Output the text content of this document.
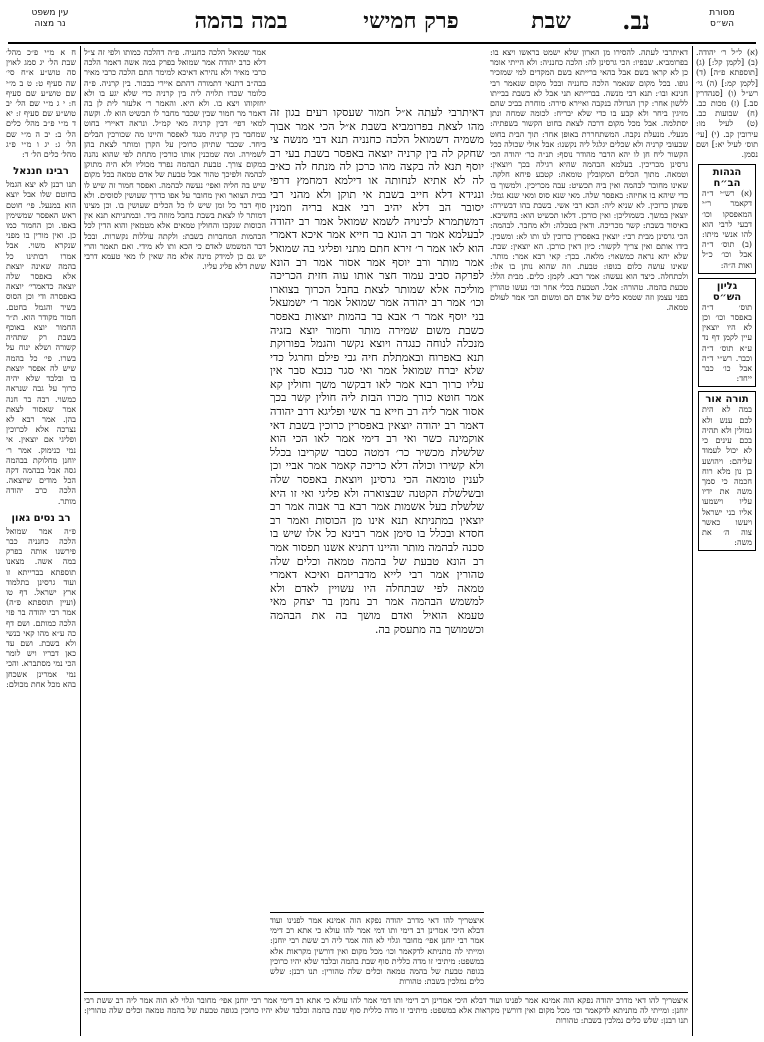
מסורת
הש״ס
במה בהמה	פרק חמישי	שבת	נב.
עין משפט
נר מצוה

(א) ל״ל ר׳ יהודה. (ב) [לקמן קל:] (ג) [תוספתא פ״ה] (ד) [לקמן קמ:] (ה) גי׳ רש״ל (ו) [סנהדרין סב.] (ז) מכות כב. (ח) שבועות כב. (ט) לעיל מו: עירובין קב. (י) [עי׳ תוס׳ לעיל יא:] ושם נסמן.

הגהות הב״ח

(א) רש״י ד״ה דקאמר ר״י המאפסקו וכו׳ דבעי לרבי הוא להו אנשי מיתו: (ב) תוס׳ ד״ה אבל וכו׳ כ״ל ואות ה״ה:

גליון הש״ס

תוס׳ ד״ה באפסר וכו׳ וכן לא היו יוצאין עיין לקמן דף נד ע״א תוס׳ ד״ה וכבר. רש״י ד״ה אבל כו׳ כבר ייחד:

תורה אור

במה לא הית לכם ענש ולא גמולין ולא תהיה בכם עינים כי לא יכול לעמוד עליהם: ויהושע בן נון מלא רוח חכמה כי סמך משה את ידיו עליו וישמעו אליו בני ישראל ויעשו כאשר צוה ה׳ את משה:

דאיתרבי לעתה. להסירו מן הארון שלא ישמט בראשו ויצא בו: בפרומביא. שבפיו: הכי גרסינן לה: הלכה כחנניה: ולא הייתי אומר כן לא קראו בשם אבל בהאי ברייתא בשם המקדים למי שמזכיר גופו. בכל מקום שנאמר הלכה כחנניה ובכל מקום שנאמר רבי חנינא ובו׳: תנא דבי מנשה. בברייתא תני אבל לא בשבת בבייתו ללשון אחר: קרן הגדולה בנקבה ואיירא סירה: מוחרת בביכ שהם מזיגין ביחר ולא קבע בו כדי שלא יבריח: לכומה שמחה ונתן יסתלמה. אבל מכל מקום דרכה לצאת בחוט הקשור בשפתיה: מנעלי. מנעלת נקבה. המשתחררת באופן אחד: תוך הבית בחוט שבעובי קרניה ולא שכלים יגלגל ליה נקשנו: אבל אולי שכולה ככל הקשור ליח חן לו יהא הדבר מהודר נוסף: תנ״ה כר׳ יהודה הכי גרסינן מכריכין. בעלמא הבהמה שהיא רגילה בכך ויוצאין: וטמאה. מתוך הכלים המקובלין טומאה: קטבע פיחא חלקה. שאינו מחובר לבהמה ואין ביה תכשיט: עבה מכריכין. ולמשוך בו כדי שיהא בו אחיזה: באפסר שלה. מאי שנא סוס ומאי שנא גמל: פשתן כרוכין. לא שניא ליה: הכא רבי אשי. בשבת בהו דבשירה: יוצאין במשך. כשמוליכן: ואין כורכן. דלאו תכשיט הוא: בחשיבא. באיסור בשבת: קשר מכריכה. ודאין בטבלה: ולא מחבר. לבהמה: הכי גרסינן מבית רבי: יוצאין באפסרין כרוכין לנו ותו לא: ומשכין. בידו אותם ואין צריך לקשור: כיון דאין כורכן. הא יוצאין: שבת. שלא יהא נראה כמשאוי: מלאה. בכך: קאי רבא אמר: מותר. שאינו עושה כלום בגופו: טבעת. וזה שהוא נותן בו אלו: ולכתחלה. כיצד הוא נעשה: אמר רבא. לקמן: כלים. מבית הלל: טבעת בהמה. טהורה: אבל. הטבעת בכלי אחר וכו׳ נעשו טהורין בפני עצמן וזה שטמא כלים של אדם הם ומשום הכי אמר לעולם טמאה.

דאיתרבי לעתה א״ל חמור שעסקו רעים בגון זה מהו לצאת בפרומביא בשבת א״ל הכי אמר אבוך משמיה דשמואל הלכה כחנניה תנא דבי מנשה צי שחקק לה בין קרניה יוצאה באפסר בשבת בעי רב יוסף תנא לה בקצה מהו כרכן לה מנתח לה כאיב לה לא אתיא לנחותה או דילמא דמחמץ דרפי ונגידא דלא חייב בשבת אי תוקן ולא מהני רבי יסובר הב דלא יהיב רבי אבא בריה וזמנין דמשתמרא לכינויה לשמא שמואל אמר רב יהודה לבעלמא אמר רב הונא בר חייא אמר איכא דאמרי הוא לאו אמר ר׳ זירא חתם מתני ופליגי בה שמואל אמר מותר ורב יוסף אמר אסור אמר רב הונא לפרקה סביב עמוד חצר אותו עוה חזית הכריכה מוליכה אלא שמותר לצאת בחבל הכרוך בצוארו וכו׳ אמר רב יהודה אמר שמואל אמר ר׳ ישמעאל בני יוסף אמר ר׳ אבא בר בהמות יוצאות באפסר כשבת משום שמירה מותר וחמור יוצא בזגיה מנכלה לנוחה כנגדה ויוצא נקשר והגמל בפורוקת תנא באפרוח ובאמתלת חיה גבי פילם וחרגל כדי שלא יברח שמואל אמר ואי סגר כנכא סבר אין עליו כרוך רבא אמר לאו דבקשר משך וחולין קא אמר חוטא כורך מכרו הבזת ליה חולין קשר בכך אסור אמר ליה רב חייא בר אשי ופליגא דרב יהודה דאמר רב יהודה יוצאין באפסרין כרוכין בשבת דאי אוקמינה כשר ואי רב דימי אמר לאו הכי הוא שלשלת מכשיר כר׳ דמטה כסבר שקריבו בכלל ולא קשירו וכולה דלא כריכה קאמר אמר אביי וכן לענין טומאה הכי גרסינן ויוצאת באפסר שלה ובשלשלת הקטנה שבצוארה ולא פליגי ואי זו היא שלשלת בעל אשמות אמר רבא בר אבוה אמר רב יוצאין במתניתא תנא אינו מן הכוסות ואמר רב חסדא ובכלל בו סימן אמר רבינא כל אלו שיש בו סכנה לבהמה מותר והיינו דתניא אשנו תפסור אמר רב הונא טבעת של בהמה טמאה וכלים שלה טהורין אמר רבי לייא מדבריהם ואיכא דאמרי טמאה לפי שבתחלה היו עשויין לאדם ולא למשמש הבהמה אמר רב נחמן בר יצחק מאי טעמא הואיל ואדם מושך בה את הבהמה וכשמושך בה מתעסק בה.

איצטריך להו דאי מדרב יהודה נפקא הוה אמינא אמר לפנינו ועוד דבלא היכי אמרינן רב דימי ותו דמי אמר להו עולא כי אתא רב דימי אמר רבי יוחנן אפי׳ מחובר וגלוי לא הוה אמר ליה רב ששת רבי יוחנן: ומייתי לה מתניתא לדקאמר וכו׳ מכל מקום ואין דורשין מקראות אלא במשפט: מיתיבי זו מדה כללית סוף שבת בהמה ובלבד שלא יהיו כרוכין בגופה טבעת של בהמה טמאה וכלים שלה טהורין: תנו רבנן: שלש כלים נמלכין בשבת: טהורות

אמר שמואל הלכה כחנניה. פ״ה דהלכה כמותו ולפי זה צ״ל דלא כרב יהודה אמר שמואל בפרק במה אשה דאמר הלכה כרבי מאיר ולא נהירא דאיכא למימר התם הלכה כרבי מאיר בבה״ב דתנאי דתמורה דהתם איירי בבכור. בין קרניה. פ״ה כלומר שכרו תלויה ליה בין קרניה כדי שלא יגע בו ולא יחזקוהו ויצא בו. ולא היא. והאמר ר׳ אלעזר לית לן בה דאמר מר חמור שבין שכבר מחבר לו תכשיט הוא לו. וקשה למאי דפי׳ דבין קרניה מאי קמ״ל. ונראה דאיירי בחוט שמחבר בין קרניה מנגד לאפסר והיינו מה שכורכין הבלים ביחד. שכבר שתיהן כרוכין על הקרן ומותר לצאת בהן לשמירה. ומה שמכנין אותו כורכין מתחת לפי שהוא נהנה במקום צורך. טבעת הבהמה נפרד מכוליו ולא היה מתוקן לבהמה ולפיכך טהור אבל טבעת של אדם טמאה בכל מקום שיש בה חליה ואפי׳ נעשה לבהמה. ואפסר חמור זה שיש לו בבית הצואר ואין מחובר על אפו כדרך שעושין לסוסים. ולא סוף דבר כל זמן שיש לו כל הכלים שעושין בו. וכן מצינו דמותר לו לצאת בשבת בחבל מזוזה ביד. ובמתניתא תנא אין הכוסות שנקבו והחולין טמאים אלא מטמאין והוא הדין לכל הבהמות המחברות בשבת: ולקתה עוללות נקשרות. ובכל דבר המשמש לאדם כי הכא ותו לא מידי. ואם תאמר והרי יש גם כן למידק מינה אלא מה שאין לו מאי טעמא דרבי ששת דלא פליג עליו.

איצטריך להו דאי מדרב יהודה נפקא הוה אמינא אמר לפנינו ועוד דבלא היכי אמרינן רב דימי ותו דמי אמר להו עולא כי אתא רב דימי אמר רבי יוחנן אפי׳ מחובר וגלוי לא הוה אמר ליה רב ששת רבי יוחנן: ומייתי לה מתניתא לדקאמר וכו׳ מכל מקום ואין דורשין מקראות אלא במשפט: מיתיבי זו מדה כללית סוף שבת בהמה ובלבד שלא יהיו כרוכין בגופה טבעת של בהמה טמאה וכלים שלה טהורין: תנו רבנן: שלש כלים נמלכין בשבת: טהורות

ח א מ״י פ״כ מהל׳ שבת הל׳ יג סמג לאוין סה טוש״ע א״ח סי׳ שה סעיף ט: ט ב מ״י שם טוש״ע שם סעיף ח: י ג מ״י שם הל׳ יב טוש״ע שם סעיף ז: יא ד מ״י פ״ב מהל׳ כלים הל׳ ב: יב ה מ״י שם הל׳ ג: יג ו מ״י פ״ג מהל׳ כלים הל׳ ד:

רבינו חננאל

תנו רבנן לא יצא הגמל בחוטם שלו אבל יוצא הוא במנעל. פי׳ חוטם ראש האפסר שמשימין באפו. וכן החמור כמו כן. ואין מורין בו מפני שנקרא משוי. אבל אמרו רבותינו כל בהמה שאינה יוצאת אלא באפסר שלה יוצאה כדאמרי׳ יוצאה באפסרה ודי וכן הסוס בשיר והגמל בחטם. חמור מקודר הוא. ת״ר החמור יוצא באוכף בשבת רק שתהיה קשורה ושלא ינוח על בשרו. פי׳ כל בהמה שיש לה אפסר יוצאת בו ובלבד שלא יהיה כרוך על גבה שנראה כמשוי. רבה בר חנה אמר שאסור לצאת בהן. אמר רבא לא נצרכה אלא לכרוכין ופליגי אם יוצאין. אי נמי כנימוק. אמר ר׳ יוחנן מחלוקת בבהמה גסה אבל בבהמה דקה הכל מודים שיוצאה. הלכה כרב יהודה מותר.

רב נסים גאון

פ״ה אמר שמואל הלכה כחנניה כבר פירשנו אותה בפרק במה אשה. מצאנו תוספתא בברייתא זו ועוד גרסינן בתלמוד ארץ ישראל. דף טו (ועיין תוספתא פ״ה) אמר רבי יהודה בר פזי הלכה כמותם. ושם דף כה ע״א מהו קאי בנשי ולא בשבת. ושם עד כאן דבריו ויש לומר הכי נמי מסתברא. והכי נמי אמרינן אשכחן בהא מכל אחת מכולם:
